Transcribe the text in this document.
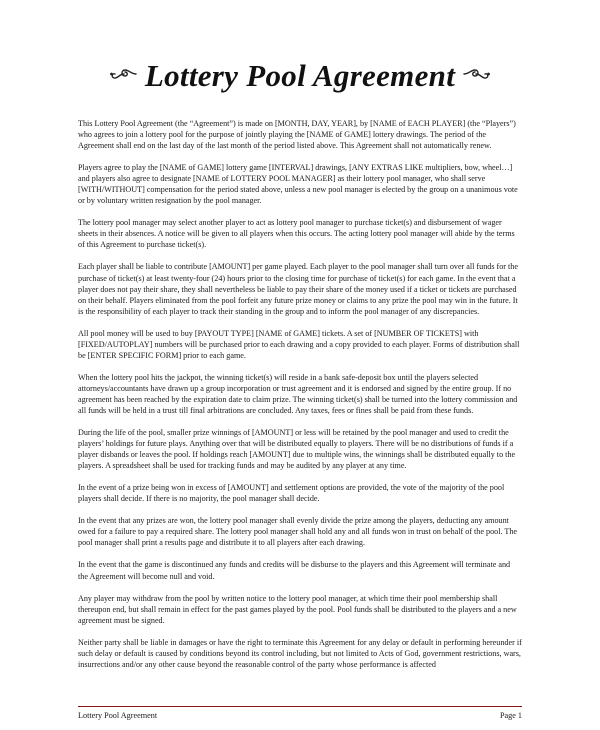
Lottery Pool Agreement

This Lottery Pool Agreement (the “Agreement”) is made on [MONTH, DAY, YEAR], by [NAME of EACH PLAYER] (the “Players”) who agrees to join a lottery pool for the purpose of jointly playing the [NAME of GAME] lottery drawings. The period of the Agreement shall end on the last day of the last month of the period listed above. This Agreement shall not automatically renew.

Players agree to play the [NAME of GAME] lottery game [INTERVAL] drawings, [ANY EXTRAS LIKE multipliers, bow, wheel…] and players also agree to designate [NAME of LOTTERY POOL MANAGER] as their lottery pool manager, who shall serve [WITH/WITHOUT] compensation for the period stated above, unless a new pool manager is elected by the group on a unanimous vote or by voluntary written resignation by the pool manager.

The lottery pool manager may select another player to act as lottery pool manager to purchase ticket(s) and disbursement of wager sheets in their absences. A notice will be given to all players when this occurs. The acting lottery pool manager will abide by the terms of this Agreement to purchase ticket(s).

Each player shall be liable to contribute [AMOUNT] per game played. Each player to the pool manager shall turn over all funds for the purchase of ticket(s) at least twenty-four (24) hours prior to the closing time for purchase of ticket(s) for each game. In the event that a player does not pay their share, they shall nevertheless be liable to pay their share of the money used if a ticket or tickets are purchased on their behalf. Players eliminated from the pool forfeit any future prize money or claims to any prize the pool may win in the future. It is the responsibility of each player to track their standing in the group and to inform the pool manager of any discrepancies.

All pool money will be used to buy [PAYOUT TYPE] [NAME of GAME] tickets. A set of [NUMBER OF TICKETS] with [FIXED/AUTOPLAY] numbers will be purchased prior to each drawing and a copy provided to each player. Forms of distribution shall be [ENTER SPECIFIC FORM] prior to each game.

When the lottery pool hits the jackpot, the winning ticket(s) will reside in a bank safe-deposit box until the players selected attorneys/accountants have drawn up a group incorporation or trust agreement and it is endorsed and signed by the entire group. If no agreement has been reached by the expiration date to claim prize. The winning ticket(s) shall be turned into the lottery commission and all funds will be held in a trust till final arbitrations are concluded. Any taxes, fees or fines shall be paid from these funds.

During the life of the pool, smaller prize winnings of [AMOUNT] or less will be retained by the pool manager and used to credit the players’ holdings for future plays. Anything over that will be distributed equally to players. There will be no distributions of funds if a player disbands or leaves the pool. If holdings reach [AMOUNT] due to multiple wins, the winnings shall be distributed equally to the players. A spreadsheet shall be used for tracking funds and may be audited by any player at any time.

In the event of a prize being won in excess of [AMOUNT] and settlement options are provided, the vote of the majority of the pool players shall decide. If there is no majority, the pool manager shall decide.

In the event that any prizes are won, the lottery pool manager shall evenly divide the prize among the players, deducting any amount owed for a failure to pay a required share. The lottery pool manager shall hold any and all funds won in trust on behalf of the pool. The pool manager shall print a results page and distribute it to all players after each drawing.

In the event that the game is discontinued any funds and credits will be disburse to the players and this Agreement will terminate and the Agreement will become null and void.

Any player may withdraw from the pool by written notice to the lottery pool manager, at which time their pool membership shall thereupon end, but shall remain in effect for the past games played by the pool. Pool funds shall be distributed to the players and a new agreement must be signed.

Neither party shall be liable in damages or have the right to terminate this Agreement for any delay or default in performing hereunder if such delay or default is caused by conditions beyond its control including, but not limited to Acts of God, government restrictions, wars, insurrections and/or any other cause beyond the reasonable control of the party whose performance is affected

Lottery Pool Agreement	Page 1
